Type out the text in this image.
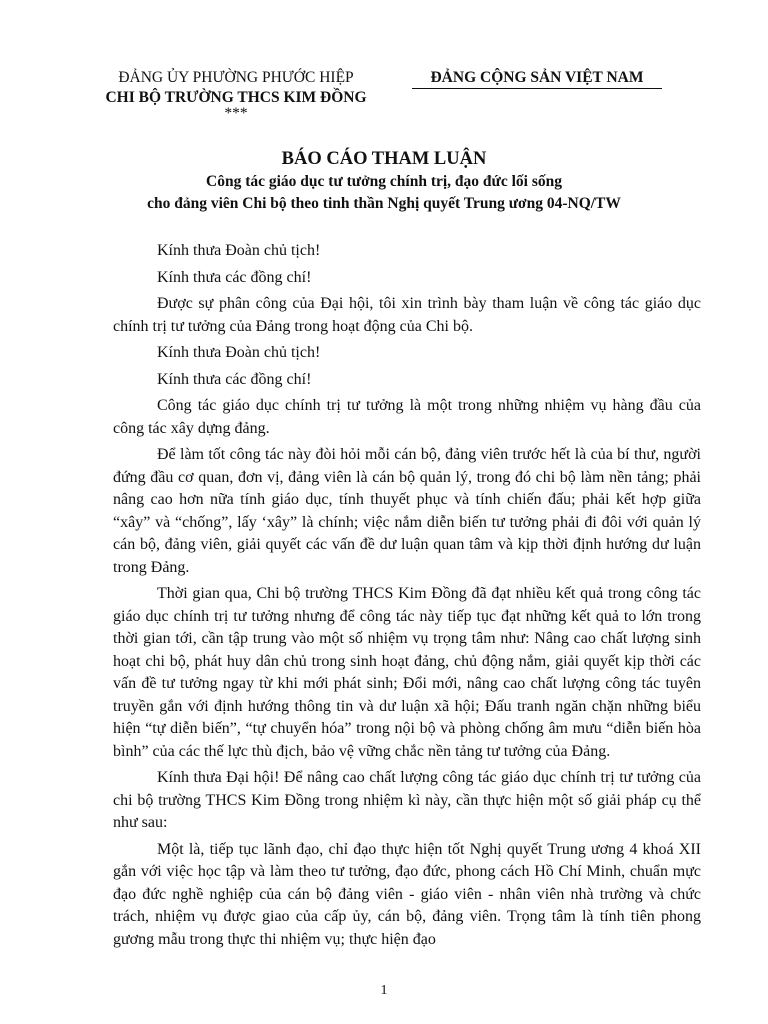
ĐẢNG ỦY PHƯỜNG PHƯỚC HIỆP
CHI BỘ TRƯỜNG THCS KIM ĐỒNG
***
ĐẢNG CỘNG SẢN VIỆT NAM
BÁO CÁO THAM LUẬN
Công tác giáo dục tư tưởng chính trị, đạo đức lối sống
cho đảng viên Chi bộ theo tinh thần Nghị quyết Trung ương 04-NQ/TW

Kính thưa Đoàn chủ tịch!

Kính thưa các đồng chí!

Được sự phân công của Đại hội, tôi xin trình bày tham luận về công tác giáo dục chính trị tư tưởng của Đảng trong hoạt động của Chi bộ.

Kính thưa Đoàn chủ tịch!

Kính thưa các đồng chí!

Công tác giáo dục chính trị tư tưởng là một trong những nhiệm vụ hàng đầu của công tác xây dựng đảng.

Để làm tốt công tác này đòi hỏi mỗi cán bộ, đảng viên trước hết là của bí thư, người đứng đầu cơ quan, đơn vị, đảng viên là cán bộ quản lý, trong đó chi bộ làm nền tảng; phải nâng cao hơn nữa tính giáo dục, tính thuyết phục và tính chiến đấu; phải kết hợp giữa “xây” và “chống”, lấy ‘xây” là chính; việc nắm diễn biến tư tưởng phải đi đôi với quản lý cán bộ, đảng viên, giải quyết các vấn đề dư luận quan tâm và kịp thời định hướng dư luận trong Đảng.

Thời gian qua, Chi bộ trường THCS Kim Đồng đã đạt nhiều kết quả trong công tác giáo dục chính trị tư tưởng nhưng để công tác này tiếp tục đạt những kết quả to lớn trong thời gian tới, cần tập trung vào một số nhiệm vụ trọng tâm như: Nâng cao chất lượng sinh hoạt chi bộ, phát huy dân chủ trong sinh hoạt đảng, chủ động nắm, giải quyết kịp thời các vấn đề tư tưởng ngay từ khi mới phát sinh; Đổi mới, nâng cao chất lượng công tác tuyên truyền gắn với định hướng thông tin và dư luận xã hội; Đấu tranh ngăn chặn những biểu hiện “tự diễn biến”, “tự chuyển hóa” trong nội bộ và phòng chống âm mưu “diễn biến hòa bình” của các thế lực thù địch, bảo vệ vững chắc nền tảng tư tưởng của Đảng.

Kính thưa Đại hội! Để nâng cao chất lượng công tác giáo dục chính trị tư tưởng của chi bộ trường THCS Kim Đồng trong nhiệm kì này, cần thực hiện một số giải pháp cụ thể như sau:

Một là, tiếp tục lãnh đạo, chỉ đạo thực hiện tốt Nghị quyết Trung ương 4 khoá XII gắn với việc học tập và làm theo tư tưởng, đạo đức, phong cách Hồ Chí Minh, chuẩn mực đạo đức nghề nghiệp của cán bộ đảng viên - giáo viên - nhân viên nhà trường và chức trách, nhiệm vụ được giao của cấp ủy, cán bộ, đảng viên. Trọng tâm là tính tiên phong gương mẫu trong thực thi nhiệm vụ; thực hiện đạo

1
